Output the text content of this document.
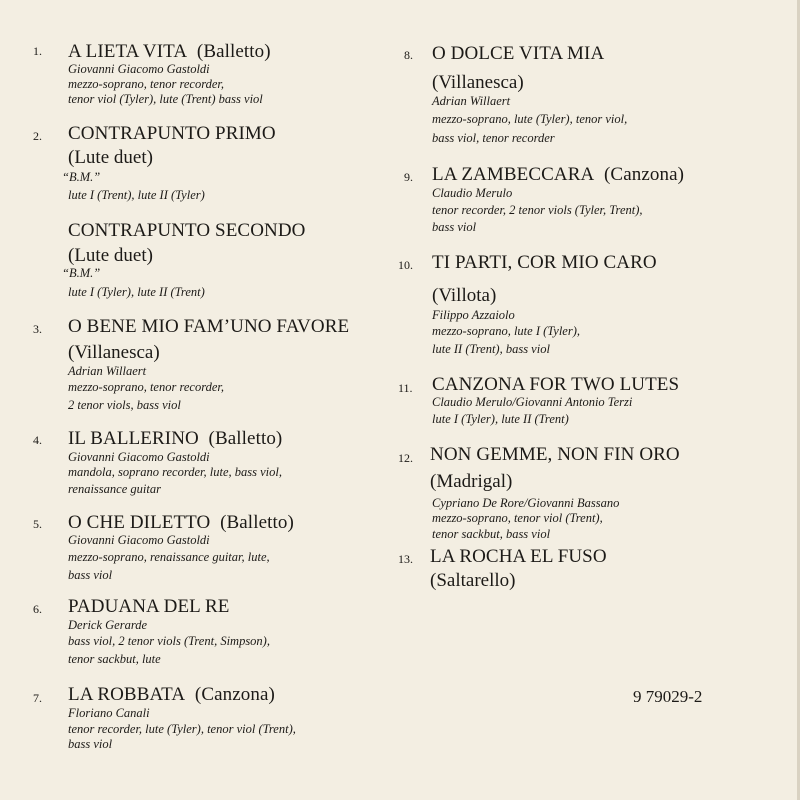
1. A LIETA VITA (Balletto)
Giovanni Giacomo Gastoldi
mezzo-soprano, tenor recorder,
tenor viol (Tyler), lute (Trent) bass viol
2. CONTRAPUNTO PRIMO
(Lute duet)
“B.M.”
lute I (Trent), lute II (Tyler)
CONTRAPUNTO SECONDO
(Lute duet)
“B.M.”
lute I (Tyler), lute II (Trent)
3. O BENE MIO FAM’UNO FAVORE
(Villanesca)
Adrian Willaert
mezzo-soprano, tenor recorder,
2 tenor viols, bass viol
4. IL BALLERINO (Balletto)
Giovanni Giacomo Gastoldi
mandola, soprano recorder, lute, bass viol,
renaissance guitar
5. O CHE DILETTO (Balletto)
Giovanni Giacomo Gastoldi
mezzo-soprano, renaissance guitar, lute,
bass viol
6. PADUANA DEL RE
Derick Gerarde
bass viol, 2 tenor viols (Trent, Simpson),
tenor sackbut, lute
7. LA ROBBATA (Canzona)
Floriano Canali
tenor recorder, lute (Tyler), tenor viol (Trent),
bass viol
8. O DOLCE VITA MIA
(Villanesca)
Adrian Willaert
mezzo-soprano, lute (Tyler), tenor viol,
bass viol, tenor recorder
9. LA ZAMBECCARA (Canzona)
Claudio Merulo
tenor recorder, 2 tenor viols (Tyler, Trent),
bass viol
10. TI PARTI, COR MIO CARO
(Villota)
Filippo Azzaiolo
mezzo-soprano, lute I (Tyler),
lute II (Trent), bass viol
11. CANZONA FOR TWO LUTES
Claudio Merulo/Giovanni Antonio Terzi
lute I (Tyler), lute II (Trent)
12. NON GEMME, NON FIN ORO
(Madrigal)
Cypriano De Rore/Giovanni Bassano
mezzo-soprano, tenor viol (Trent),
tenor sackbut, bass viol
13. LA ROCHA EL FUSO
(Saltarello)
9 79029-2
